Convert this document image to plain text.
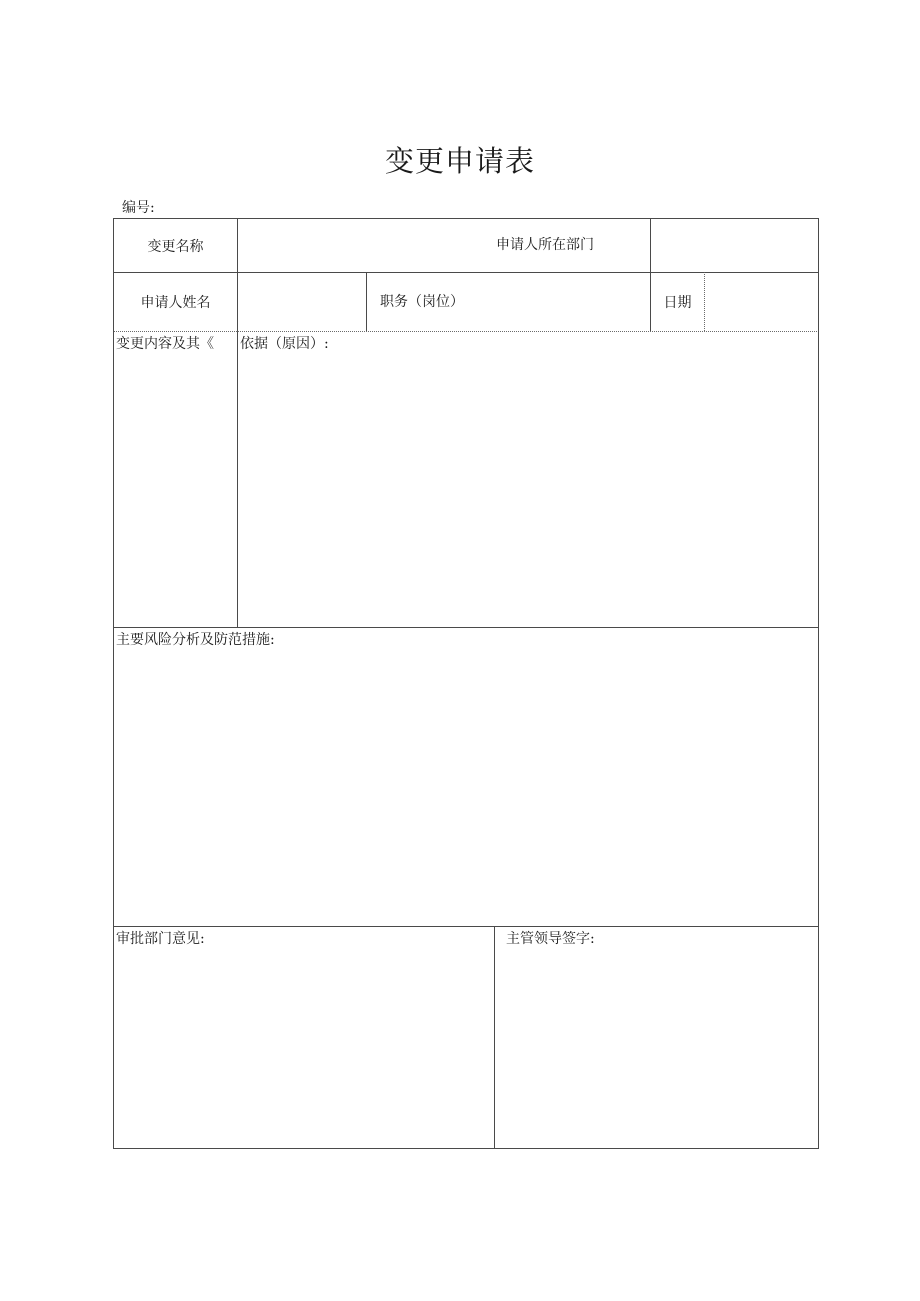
变更申请表
编号:
变更名称	申请人所在部门
申请人姓名	职务（岗位）	日期
变更内容及其《 依据（原因）:
主要风险分析及防范措施:
审批部门意见:	主管领导签字:
